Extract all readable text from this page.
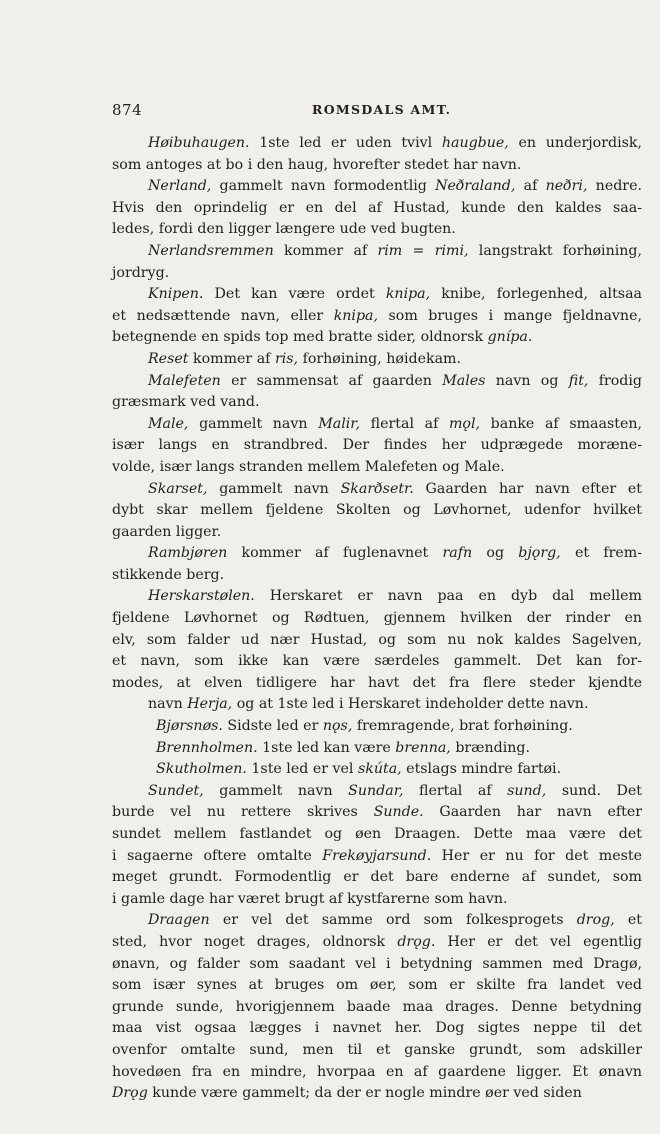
874	ROMSDALS AMT.
Høibuhaugen. 1ste led er uden tvivl haugbue, en underjordisk,
som antoges at bo i den haug, hvorefter stedet har navn.
Nerland, gammelt navn formodentlig Neðraland, af neðri, nedre.
Hvis den oprindelig er en del af Hustad, kunde den kaldes saa-
ledes, fordi den ligger længere ude ved bugten.
Nerlandsremmen kommer af rim = rimi, langstrakt forhøining,
jordryg.
Knipen. Det kan være ordet knipa, knibe, forlegenhed, altsaa
et nedsættende navn, eller knipa, som bruges i mange fjeldnavne,
betegnende en spids top med bratte sider, oldnorsk gnípa.
Reset kommer af ris, forhøining, høidekam.
Malefeten er sammensat af gaarden Males navn og fit, frodig
græsmark ved vand.
Male, gammelt navn Malir, flertal af mǫl, banke af smaasten,
især langs en strandbred. Der findes her udprægede moræne-
volde, især langs stranden mellem Malefeten og Male.
Skarset, gammelt navn Skarðsetr. Gaarden har navn efter et
dybt skar mellem fjeldene Skolten og Løvhornet, udenfor hvilket
gaarden ligger.
Rambjøren kommer af fuglenavnet rafn og bjǫrg, et frem-
stikkende berg.
Herskarstølen. Herskaret er navn paa en dyb dal mellem
fjeldene Løvhornet og Rødtuen, gjennem hvilken der rinder en
elv, som falder ud nær Hustad, og som nu nok kaldes Sagelven,
et navn, som ikke kan være særdeles gammelt. Det kan for-
modes, at elven tidligere har havt det fra flere steder kjendte
navn Herja, og at 1ste led i Herskaret indeholder dette navn.
Bjørsnøs. Sidste led er nǫs, fremragende, brat forhøining.
Brennholmen. 1ste led kan være brenna, brænding.
Skutholmen. 1ste led er vel skúta, etslags mindre fartøi.
Sundet, gammelt navn Sundar, flertal af sund, sund. Det
burde vel nu rettere skrives Sunde. Gaarden har navn efter
sundet mellem fastlandet og øen Draagen. Dette maa være det
i sagaerne oftere omtalte Frekøyjarsund. Her er nu for det meste
meget grundt. Formodentlig er det bare enderne af sundet, som
i gamle dage har været brugt af kystfarerne som havn.
Draagen er vel det samme ord som folkesprogets drog, et
sted, hvor noget drages, oldnorsk drǫg. Her er det vel egentlig
ønavn, og falder som saadant vel i betydning sammen med Dragø,
som især synes at bruges om øer, som er skilte fra landet ved
grunde sunde, hvorigjennem baade maa drages. Denne betydning
maa vist ogsaa lægges i navnet her. Dog sigtes neppe til det
ovenfor omtalte sund, men til et ganske grundt, som adskiller
hovedøen fra en mindre, hvorpaa en af gaardene ligger. Et ønavn
Drǫg kunde være gammelt; da der er nogle mindre øer ved siden
